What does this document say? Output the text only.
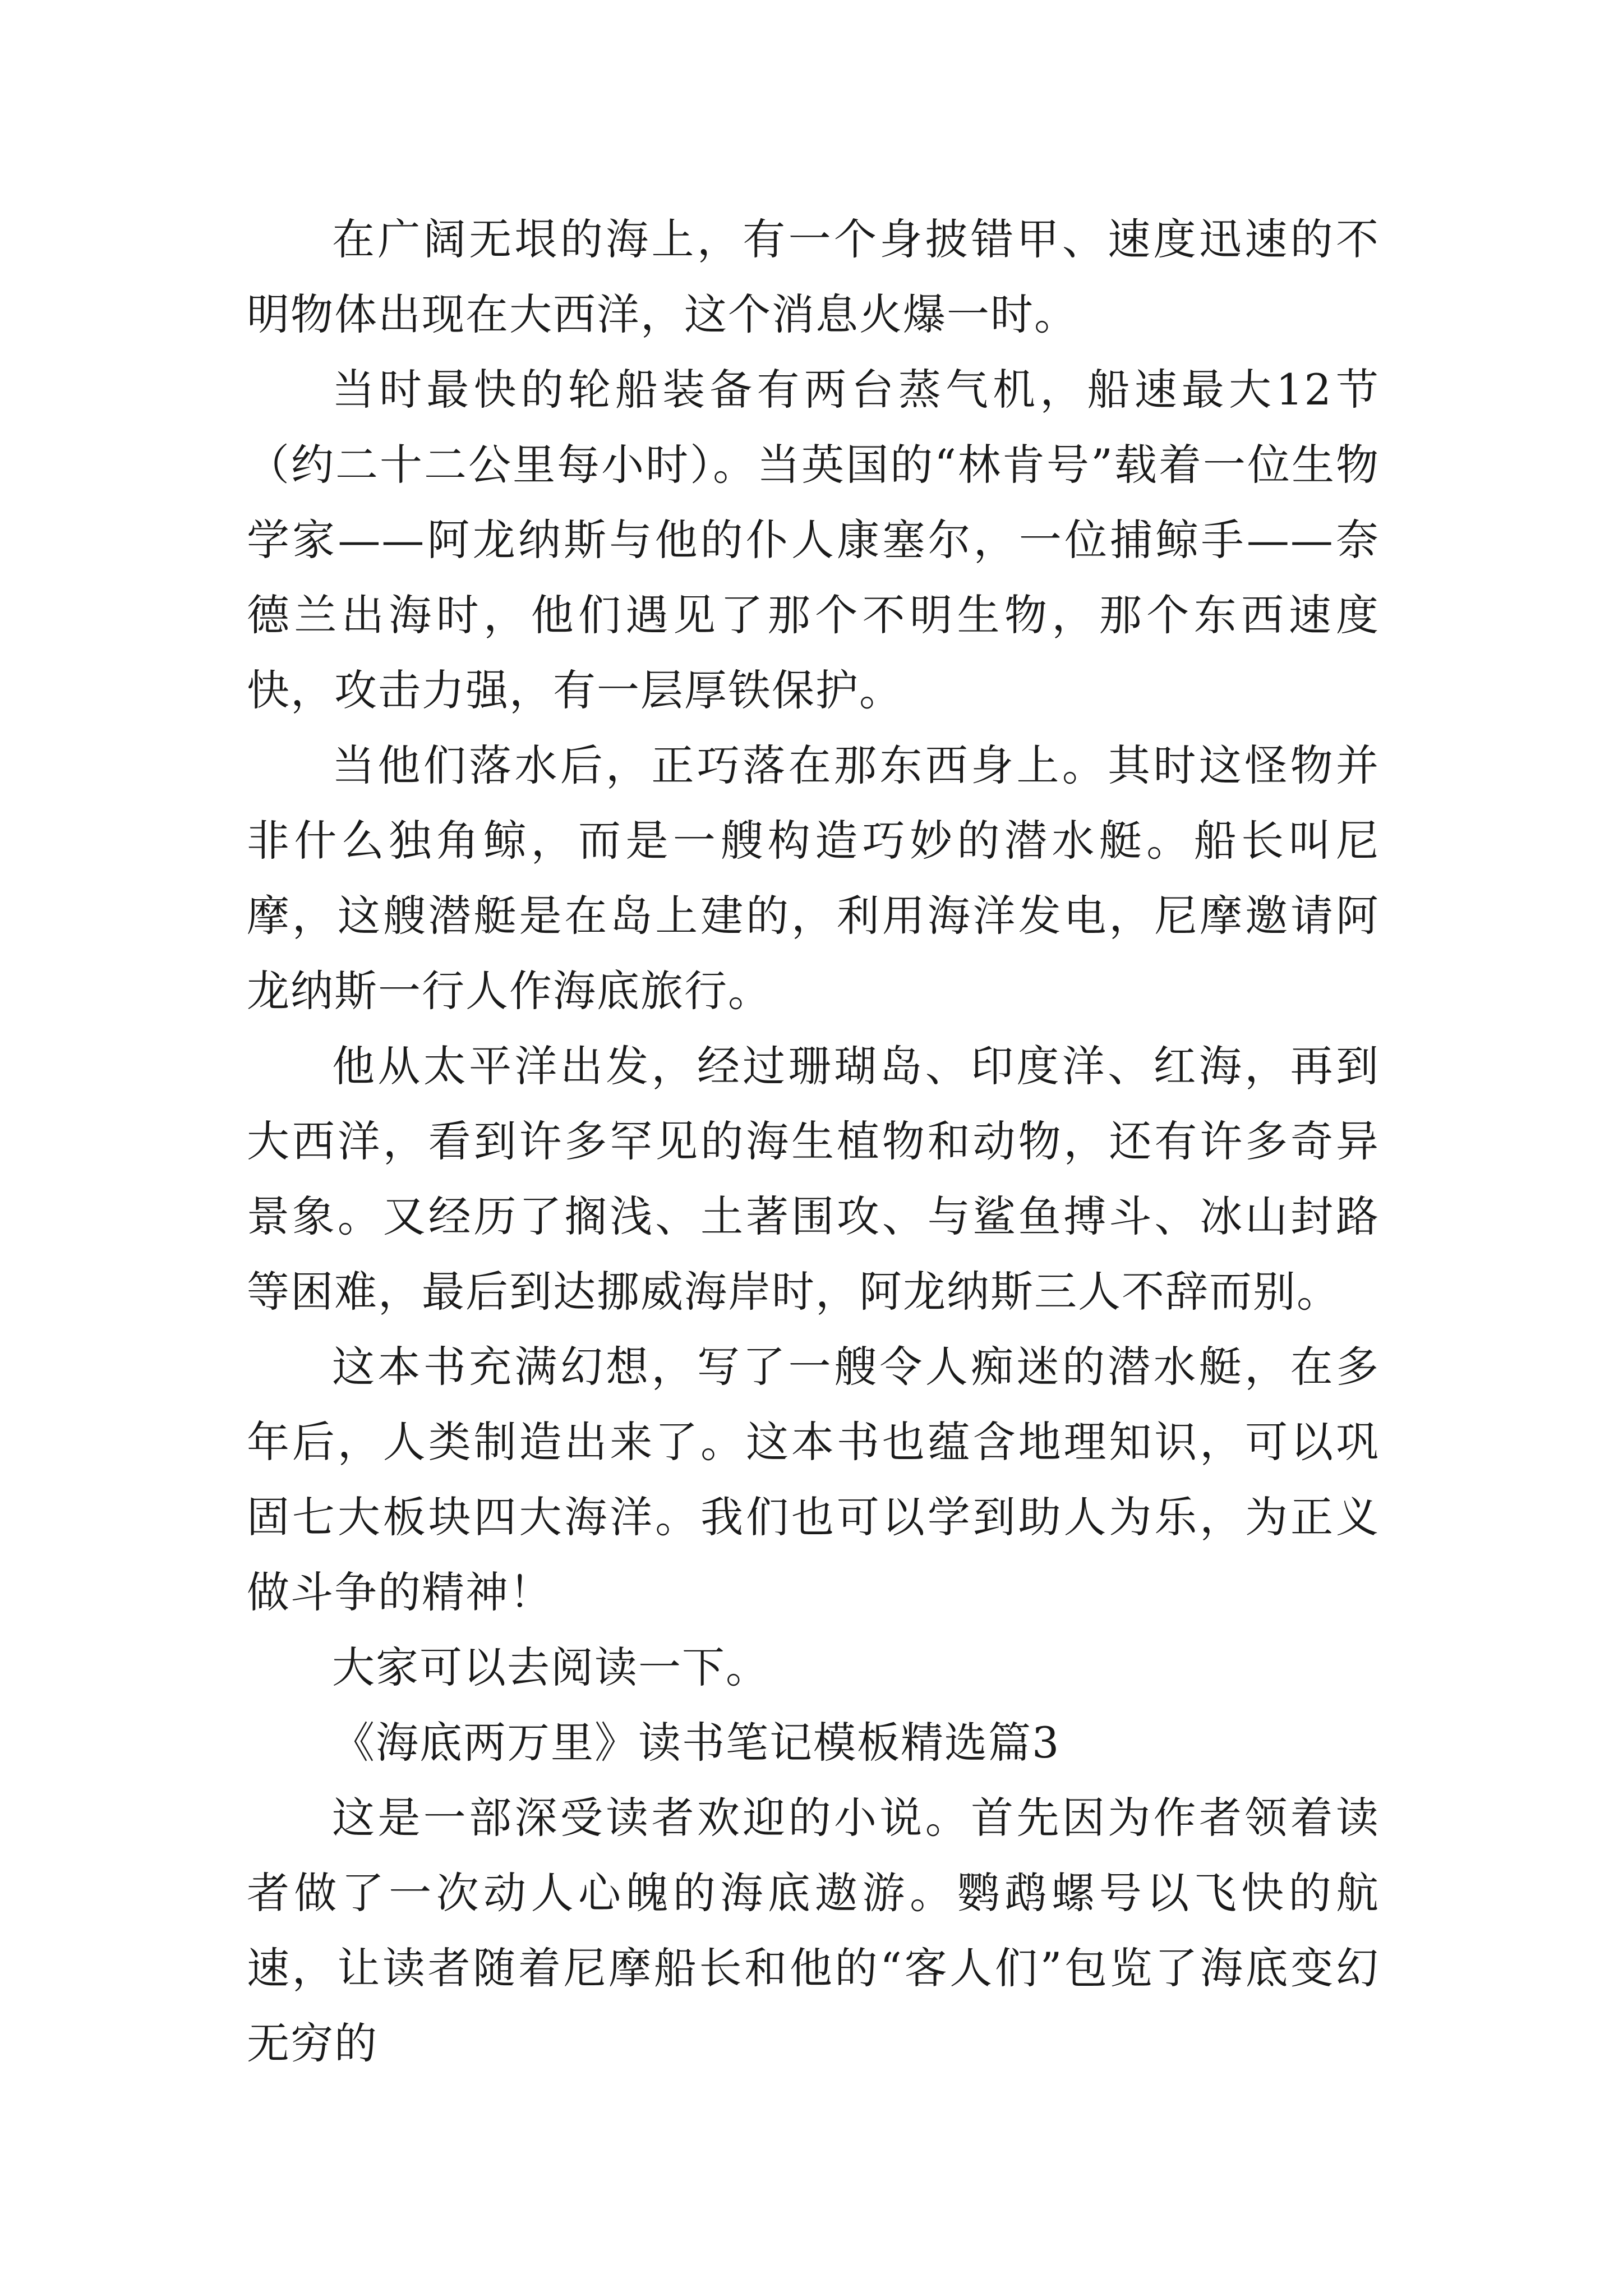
在广阔无垠的海上，有一个身披错甲、速度迅速的不明物体出现在大西洋，这个消息火爆一时。

当时最快的轮船装备有两台蒸气机，船速最大12节（约二十二公里每小时）。当英国的“林肯号”载着一位生物学家——阿龙纳斯与他的仆人康塞尔，一位捕鲸手——奈德兰出海时，他们遇见了那个不明生物，那个东西速度快，攻击力强，有一层厚铁保护。

当他们落水后，正巧落在那东西身上。其时这怪物并非什么独角鲸，而是一艘构造巧妙的潜水艇。船长叫尼摩，这艘潜艇是在岛上建的，利用海洋发电，尼摩邀请阿龙纳斯一行人作海底旅行。

他从太平洋出发，经过珊瑚岛、印度洋、红海，再到大西洋，看到许多罕见的海生植物和动物，还有许多奇异景象。又经历了搁浅、土著围攻、与鲨鱼搏斗、冰山封路等困难，最后到达挪威海岸时，阿龙纳斯三人不辞而别。

这本书充满幻想，写了一艘令人痴迷的潜水艇，在多年后，人类制造出来了。这本书也蕴含地理知识，可以巩固七大板块四大海洋。我们也可以学到助人为乐，为正义做斗争的精神！

大家可以去阅读一下。

《海底两万里》读书笔记模板精选篇3

这是一部深受读者欢迎的小说。首先因为作者领着读者做了一次动人心魄的海底遨游。鹦鹉螺号以飞快的航速，让读者随着尼摩船长和他的“客人们”包览了海底变幻无穷的
